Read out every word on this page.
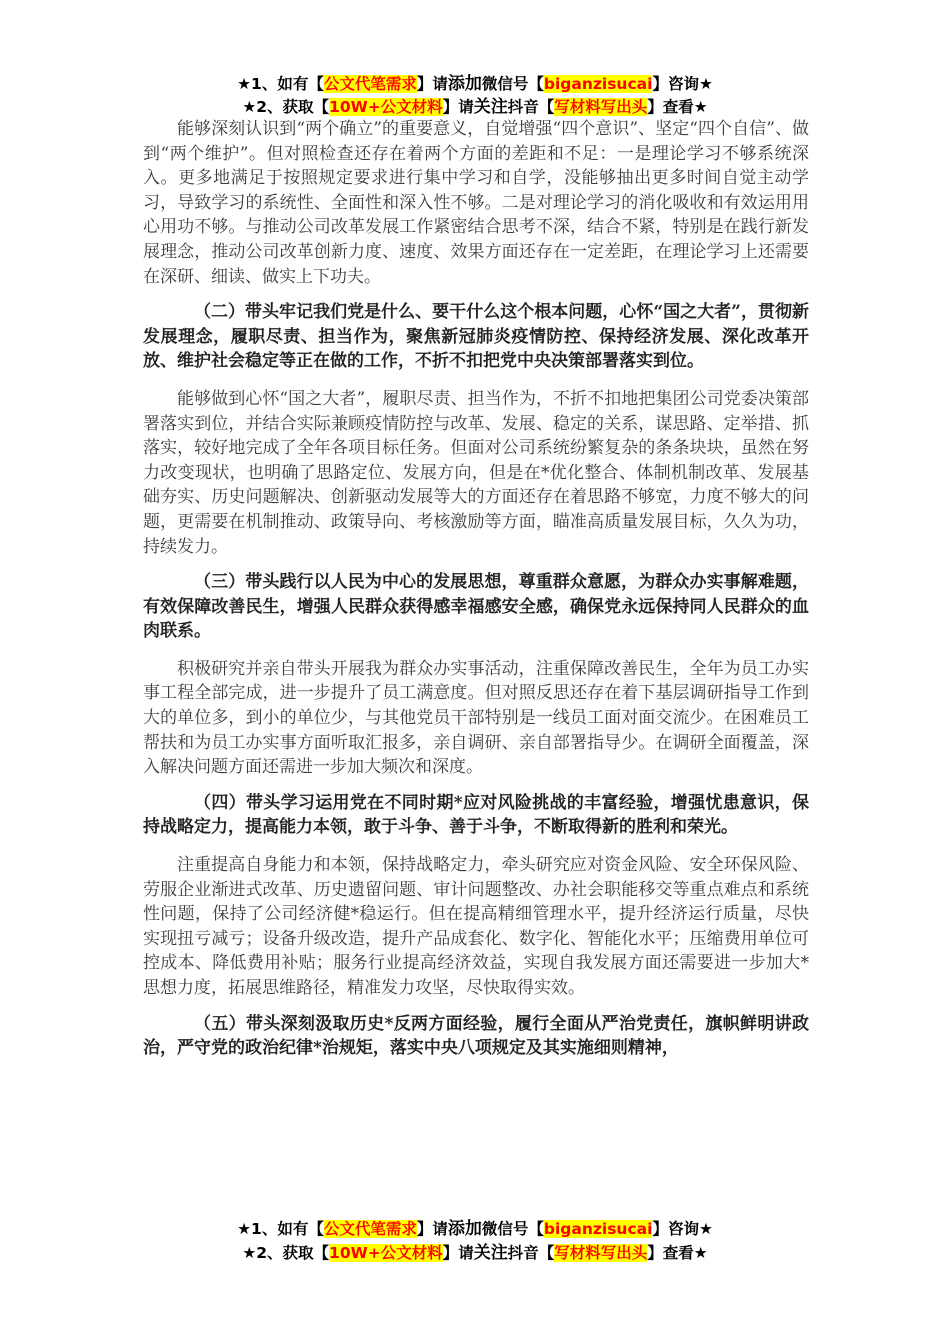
★1、如有【公文代笔需求】请添加微信号【biganzisucai】咨询★
★2、获取【10W+公文材料】请关注抖音【写材料写出头】查看★

能够深刻认识到“两个确立”的重要意义，自觉增强“四个意识”、坚定“四个自信”、做到“两个维护”。但对照检查还存在着两个方面的差距和不足：一是理论学习不够系统深入。更多地满足于按照规定要求进行集中学习和自学，没能够抽出更多时间自觉主动学习，导致学习的系统性、全面性和深入性不够。二是对理论学习的消化吸收和有效运用用心用功不够。与推动公司改革发展工作紧密结合思考不深，结合不紧，特别是在践行新发展理念，推动公司改革创新力度、速度、效果方面还存在一定差距，在理论学习上还需要在深研、细读、做实上下功夫。

（二）带头牢记我们党是什么、要干什么这个根本问题，心怀“国之大者”，贯彻新发展理念，履职尽责、担当作为，聚焦新冠肺炎疫情防控、保持经济发展、深化改革开放、维护社会稳定等正在做的工作，不折不扣把党中央决策部署落实到位。

能够做到心怀“国之大者”，履职尽责、担当作为，不折不扣地把集团公司党委决策部署落实到位，并结合实际兼顾疫情防控与改革、发展、稳定的关系，谋思路、定举措、抓落实，较好地完成了全年各项目标任务。但面对公司系统纷繁复杂的条条块块，虽然在努力改变现状，也明确了思路定位、发展方向，但是在*优化整合、体制机制改革、发展基础夯实、历史问题解决、创新驱动发展等大的方面还存在着思路不够宽，力度不够大的问题，更需要在机制推动、政策导向、考核激励等方面，瞄准高质量发展目标，久久为功，持续发力。

（三）带头践行以人民为中心的发展思想，尊重群众意愿，为群众办实事解难题，有效保障改善民生，增强人民群众获得感幸福感安全感，确保党永远保持同人民群众的血肉联系。

积极研究并亲自带头开展我为群众办实事活动，注重保障改善民生，全年为员工办实事工程全部完成，进一步提升了员工满意度。但对照反思还存在着下基层调研指导工作到大的单位多，到小的单位少，与其他党员干部特别是一线员工面对面交流少。在困难员工帮扶和为员工办实事方面听取汇报多，亲自调研、亲自部署指导少。在调研全面覆盖，深入解决问题方面还需进一步加大频次和深度。

（四）带头学习运用党在不同时期*应对风险挑战的丰富经验，增强忧患意识，保持战略定力，提高能力本领，敢于斗争、善于斗争，不断取得新的胜利和荣光。

注重提高自身能力和本领，保持战略定力，牵头研究应对资金风险、安全环保风险、劳服企业渐进式改革、历史遗留问题、审计问题整改、办社会职能移交等重点难点和系统性问题，保持了公司经济健*稳运行。但在提高精细管理水平，提升经济运行质量，尽快实现扭亏减亏；设备升级改造，提升产品成套化、数字化、智能化水平；压缩费用单位可控成本、降低费用补贴；服务行业提高经济效益，实现自我发展方面还需要进一步加大*思想力度，拓展思维路径，精准发力攻坚，尽快取得实效。

（五）带头深刻汲取历史*反两方面经验，履行全面从严治党责任，旗帜鲜明讲政治，严守党的政治纪律*治规矩，落实中央八项规定及其实施细则精神，

★1、如有【公文代笔需求】请添加微信号【biganzisucai】咨询★
★2、获取【10W+公文材料】请关注抖音【写材料写出头】查看★
